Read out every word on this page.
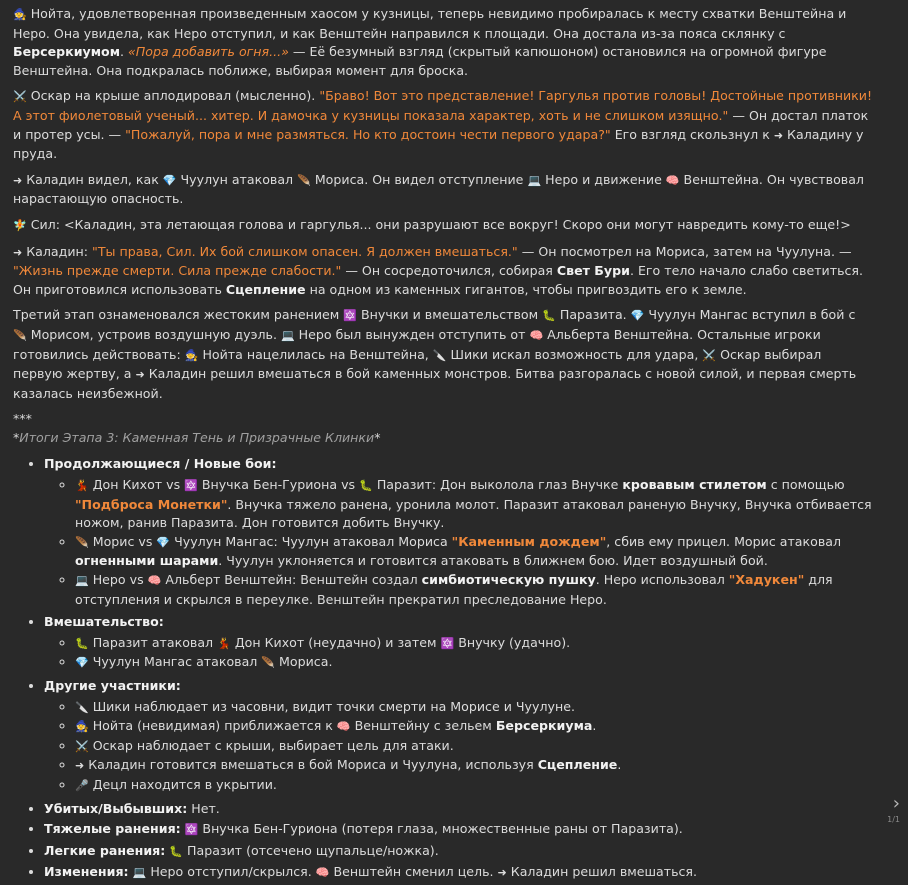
🧙 Нойта, удовлетворенная произведенным хаосом у кузницы, теперь невидимо пробиралась к месту схватки Венштейна и Неро. Она увидела, как Неро отступил, и как Венштейн направился к площади. Она достала из-за пояса склянку с Берсеркиумом. «Пора добавить огня...» — Её безумный взгляд (скрытый капюшоном) остановился на огромной фигуре Венштейна. Она подкралась поближе, выбирая момент для броска.

⚔️ Оскар на крыше аплодировал (мысленно). "Браво! Вот это представление! Гаргулья против головы! Достойные противники! А этот фиолетовый ученый... хитер. И дамочка у кузницы показала характер, хоть и не слишком изящно." — Он достал платок и протер усы. — "Пожалуй, пора и мне размяться. Но кто достоин чести первого удара?" Его взгляд скользнул к ➜ Каладину у пруда.

➜ Каладин видел, как 💎 Чуулун атаковал 🪶 Мориса. Он видел отступление 💻 Неро и движение 🧠 Венштейна. Он чувствовал нарастающую опасность.

🧚 Сил: <Каладин, эта летающая голова и гаргулья... они разрушают все вокруг! Скоро они могут навредить кому-то еще!>

➜ Каладин: "Ты права, Сил. Их бой слишком опасен. Я должен вмешаться." — Он посмотрел на Мориса, затем на Чуулуна. — "Жизнь прежде смерти. Сила прежде слабости." — Он сосредоточился, собирая Свет Бури. Его тело начало слабо светиться. Он приготовился использовать Сцепление на одном из каменных гигантов, чтобы пригвоздить его к земле.

Третий этап ознаменовался жестоким ранением 🔯 Внучки и вмешательством 🐛 Паразита. 💎 Чуулун Мангас вступил в бой с 🪶 Морисом, устроив воздушную дуэль. 💻 Неро был вынужден отступить от 🧠 Альберта Венштейна. Остальные игроки готовились действовать: 🧙 Нойта нацелилась на Венштейна, 🔪 Шики искал возможность для удара, ⚔️ Оскар выбирал первую жертву, а ➜ Каладин решил вмешаться в бой каменных монстров. Битва разгоралась с новой силой, и первая смерть казалась неизбежной.

***
*Итоги Этапа 3: Каменная Тень и Призрачные Клинки*
• Продолжающиеся / Новые бои:
◦ 💃 Дон Кихот vs 🔯 Внучка Бен-Гуриона vs 🐛 Паразит: Дон выколола глаз Внучке кровавым стилетом с помощью "Подброса Монетки". Внучка тяжело ранена, уронила молот. Паразит атаковал раненую Внучку, Внучка отбивается ножом, ранив Паразита. Дон готовится добить Внучку.
◦ 🪶 Морис vs 💎 Чуулун Мангас: Чуулун атаковал Мориса "Каменным дождем", сбив ему прицел. Морис атаковал огненными шарами. Чуулун уклоняется и готовится атаковать в ближнем бою. Идет воздушный бой.
◦ 💻 Неро vs 🧠 Альберт Венштейн: Венштейн создал симбиотическую пушку. Неро использовал "Хадукен" для отступления и скрылся в переулке. Венштейн прекратил преследование Неро.
• Вмешательство:
◦ 🐛 Паразит атаковал 💃 Дон Кихот (неудачно) и затем 🔯 Внучку (удачно).
◦ 💎 Чуулун Мангас атаковал 🪶 Мориса.
• Другие участники:
◦ 🔪 Шики наблюдает из часовни, видит точки смерти на Морисе и Чуулуне.
◦ 🧙 Нойта (невидимая) приближается к 🧠 Венштейну с зельем Берсеркиума.
◦ ⚔️ Оскар наблюдает с крыши, выбирает цель для атаки.
◦ ➜ Каладин готовится вмешаться в бой Мориса и Чуулуна, используя Сцепление.
◦ 🎤 Децл находится в укрытии.
• Убитых/Выбывших: Нет.
• Тяжелые ранения: 🔯 Внучка Бен-Гуриона (потеря глаза, множественные раны от Паразита).
• Легкие ранения: 🐛 Паразит (отсечено щупальце/ножка).
• Изменения: 💻 Неро отступил/скрылся. 🧠 Венштейн сменил цель. ➜ Каладин решил вмешаться.
›
1/1
